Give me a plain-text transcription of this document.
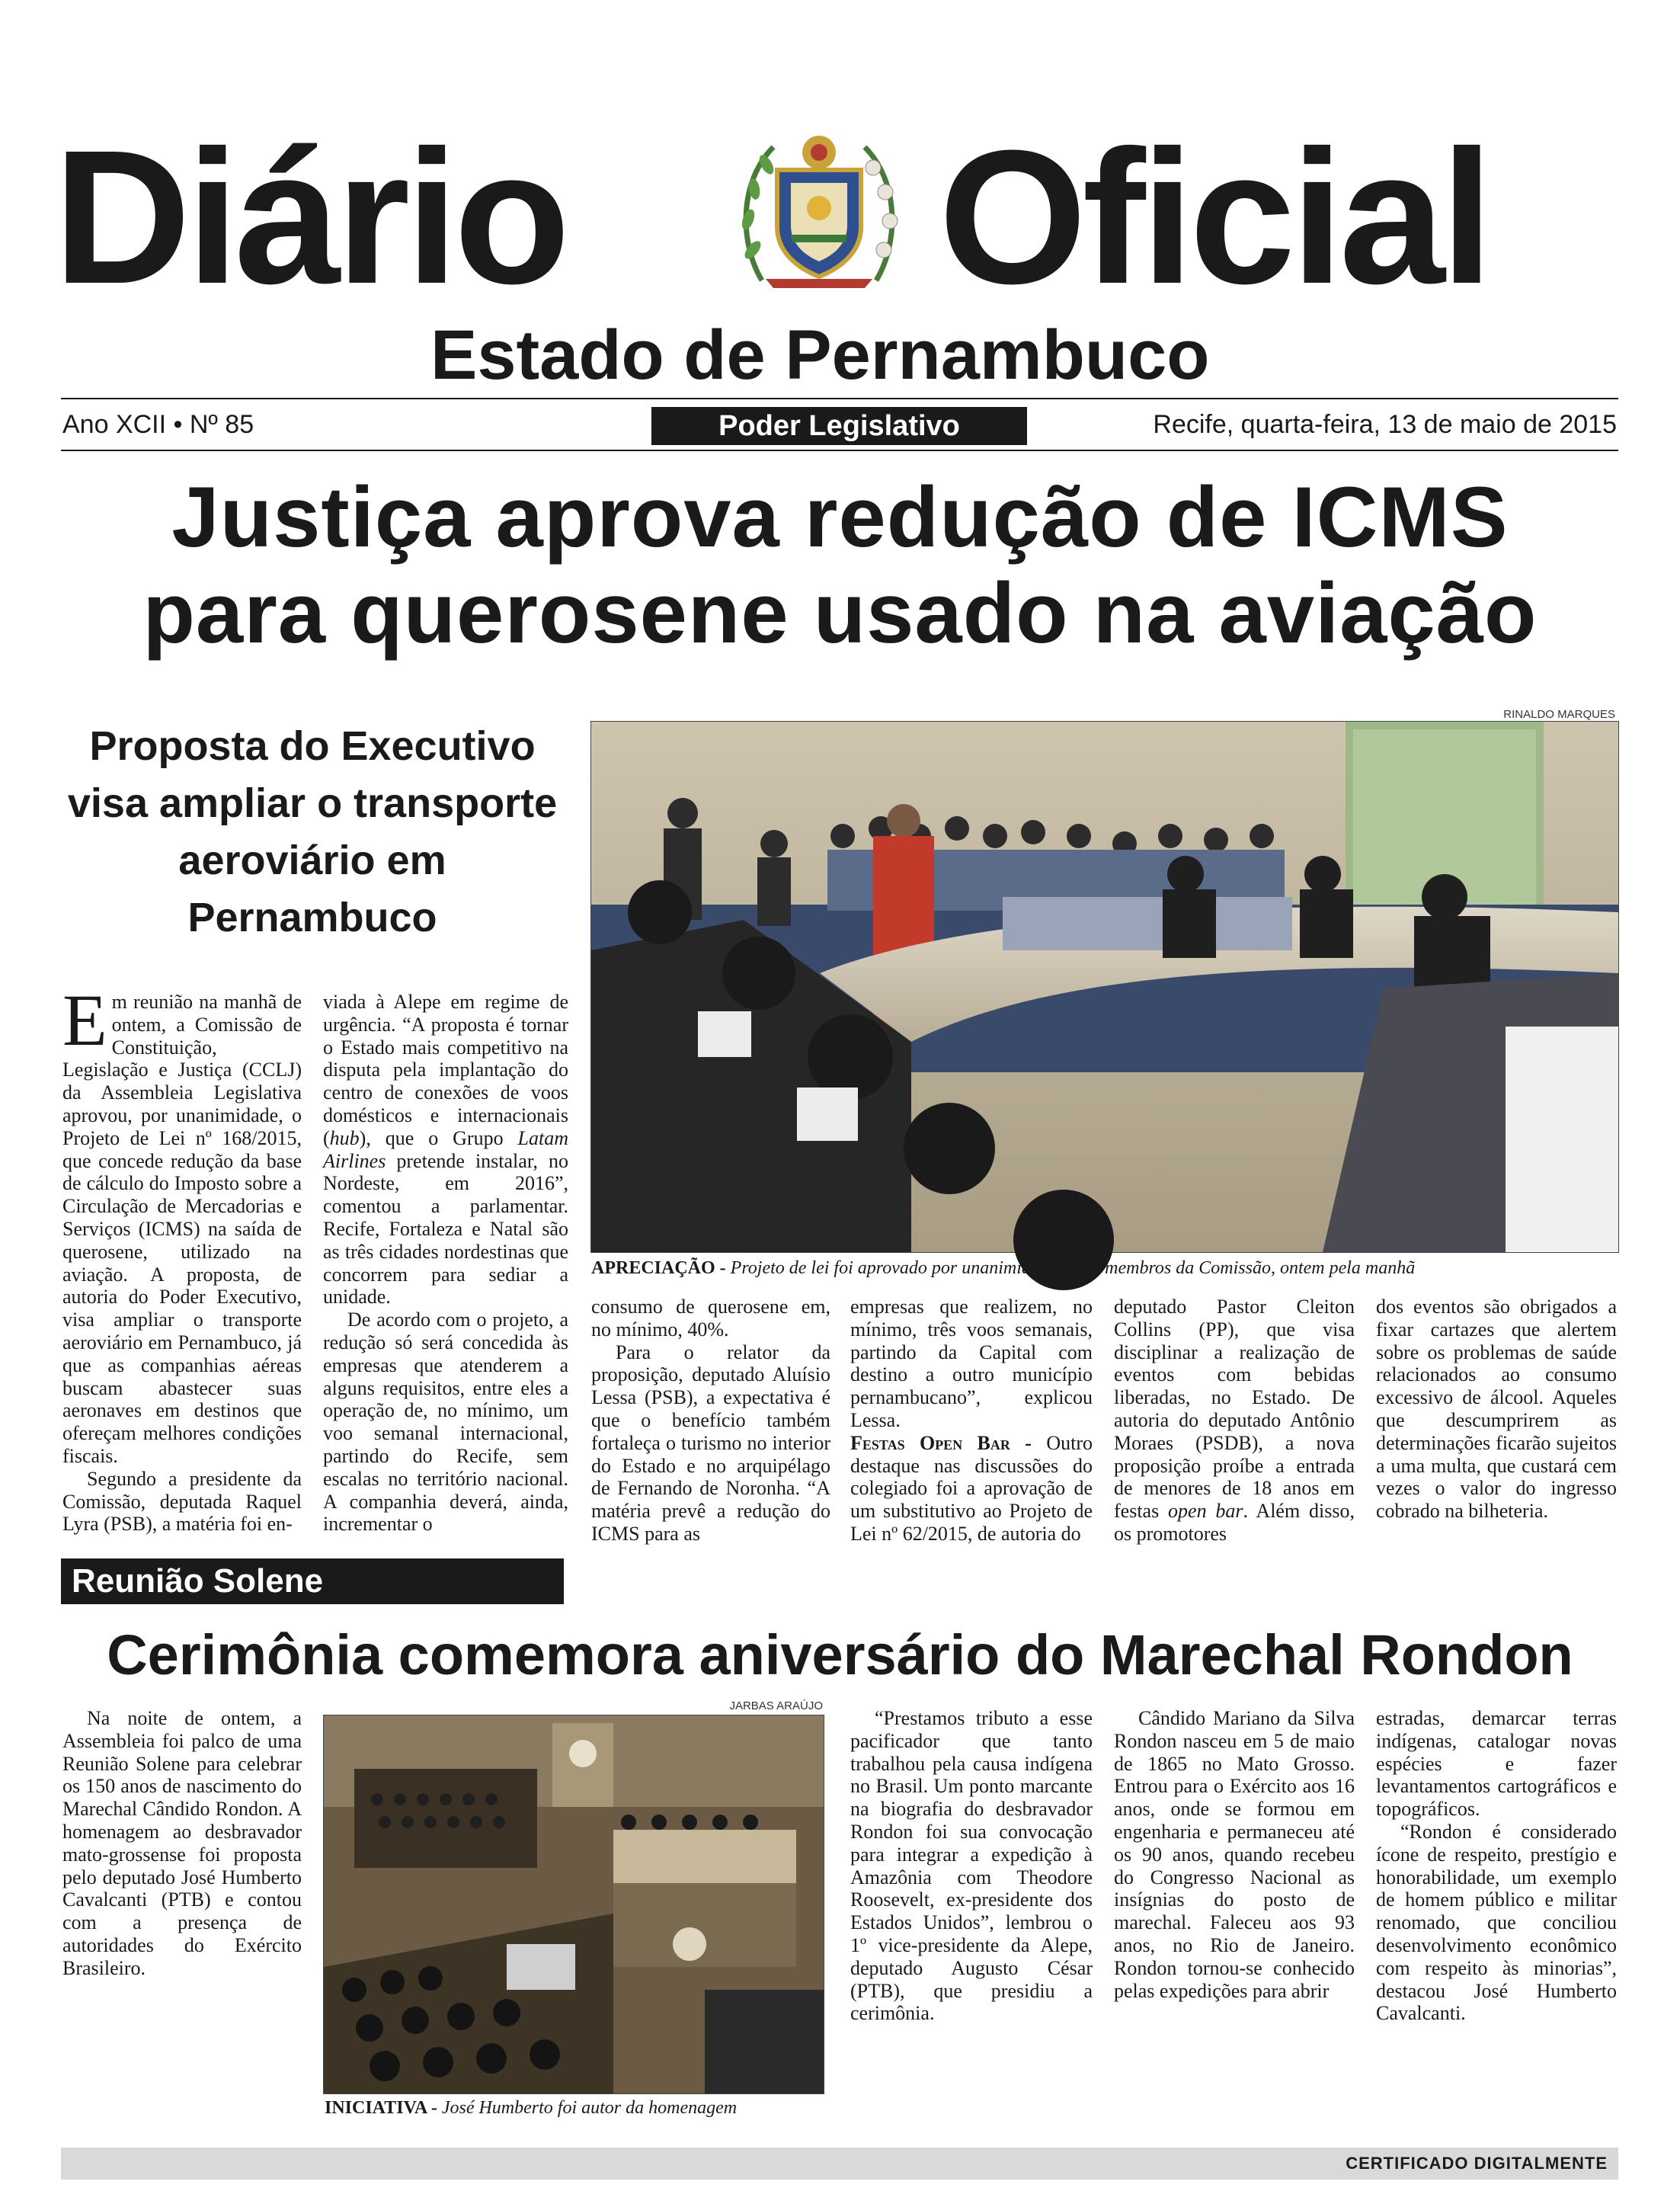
Diário Oficial
Estado de Pernambuco
Ano XCII • Nº 85	Poder Legislativo	Recife, quarta-feira, 13 de maio de 2015
Justiça aprova redução de ICMS
para querosene usado na aviação
Proposta do Executivo visa ampliar o transporte aeroviário em Pernambuco
RINALDO MARQUES
APRECIAÇÃO - Projeto de lei foi aprovado por unanimidade pelos membros da Comissão, ontem pela manhã

Em reunião na manhã de ontem, a Comissão de Constituição, Legislação e Justiça (CCLJ) da Assembleia Legislativa aprovou, por unanimidade, o Projeto de Lei nº 168/2015, que concede redução da base de cálculo do Imposto sobre a Circulação de Mercadorias e Serviços (ICMS) na saída de querosene, utilizado na aviação. A proposta, de autoria do Poder Executivo, visa ampliar o transporte aeroviário em Pernambuco, já que as companhias aéreas buscam abastecer suas aeronaves em destinos que ofereçam melhores condições fiscais.

Segundo a presidente da Comissão, deputada Raquel Lyra (PSB), a matéria foi en-

viada à Alepe em regime de urgência. “A proposta é tornar o Estado mais competitivo na disputa pela implantação do centro de conexões de voos domésticos e internacionais (hub), que o Grupo Latam Airlines pretende instalar, no Nordeste, em 2016”, comentou a parlamentar. Recife, Fortaleza e Natal são as três cidades nordestinas que concorrem para sediar a unidade.

De acordo com o projeto, a redução só será concedida às empresas que atenderem a alguns requisitos, entre eles a operação de, no mínimo, um voo semanal internacional, partindo do Recife, sem escalas no território nacional. A companhia deverá, ainda, incrementar o

consumo de querosene em, no mínimo, 40%.

Para o relator da proposição, deputado Aluísio Lessa (PSB), a expectativa é que o benefício também fortaleça o turismo no interior do Estado e no arquipélago de Fernando de Noronha. “A matéria prevê a redução do ICMS para as

empresas que realizem, no mínimo, três voos semanais, partindo da Capital com destino a outro município pernambucano”, explicou Lessa.

Festas Open Bar - Outro destaque nas discussões do colegiado foi a aprovação de um substitutivo ao Projeto de Lei nº 62/2015, de autoria do

deputado Pastor Cleiton Collins (PP), que visa disciplinar a realização de eventos com bebidas liberadas, no Estado. De autoria do deputado Antônio Moraes (PSDB), a nova proposição proíbe a entrada de menores de 18 anos em festas open bar. Além disso, os promotores

dos eventos são obrigados a fixar cartazes que alertem sobre os problemas de saúde relacionados ao consumo excessivo de álcool. Aqueles que descumprirem as determinações ficarão sujeitos a uma multa, que custará cem vezes o valor do ingresso cobrado na bilheteria.

Reunião Solene
Cerimônia comemora aniversário do Marechal Rondon
JARBAS ARAÚJO
INICIATIVA - José Humberto foi autor da homenagem

Na noite de ontem, a Assembleia foi palco de uma Reunião Solene para celebrar os 150 anos de nascimento do Marechal Cândido Rondon. A homenagem ao desbravador mato-grossense foi proposta pelo deputado José Humberto Cavalcanti (PTB) e contou com a presença de autoridades do Exército Brasileiro.

“Prestamos tributo a esse pacificador que tanto trabalhou pela causa indígena no Brasil. Um ponto marcante na biografia do desbravador Rondon foi sua convocação para integrar a expedição à Amazônia com Theodore Roosevelt, ex-presidente dos Estados Unidos”, lembrou o 1º vice-presidente da Alepe, deputado Augusto César (PTB), que presidiu a cerimônia.

Cândido Mariano da Silva Rondon nasceu em 5 de maio de 1865 no Mato Grosso. Entrou para o Exército aos 16 anos, onde se formou em engenharia e permaneceu até os 90 anos, quando recebeu do Congresso Nacional as insígnias do posto de marechal. Faleceu aos 93 anos, no Rio de Janeiro. Rondon tornou-se conhecido pelas expedições para abrir

estradas, demarcar terras indígenas, catalogar novas espécies e fazer levantamentos cartográficos e topográficos.

“Rondon é considerado ícone de respeito, prestígio e honorabilidade, um exemplo de homem público e militar renomado, que conciliou desenvolvimento econômico com respeito às minorias”, destacou José Humberto Cavalcanti.

CERTIFICADO DIGITALMENTE
